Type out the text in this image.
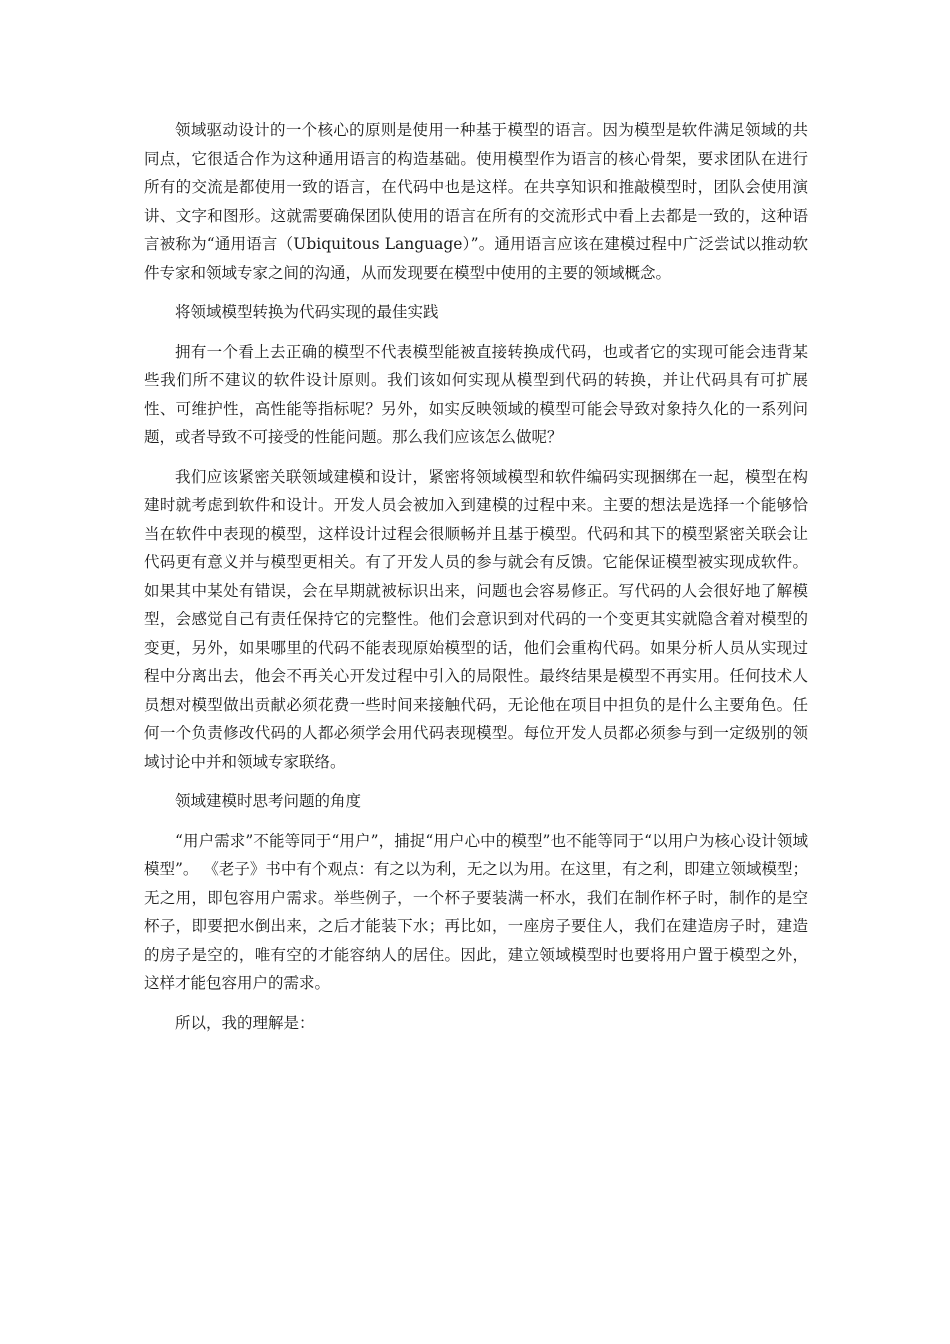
领域驱动设计的一个核心的原则是使用一种基于模型的语言。因为模型是软件满足领域的共同点，它很适合作为这种通用语言的构造基础。使用模型作为语言的核心骨架，要求团队在进行所有的交流是都使用一致的语言，在代码中也是这样。在共享知识和推敲模型时，团队会使用演讲、文字和图形。这就需要确保团队使用的语言在所有的交流形式中看上去都是一致的，这种语言被称为“通用语言（Ubiquitous Language）”。通用语言应该在建模过程中广泛尝试以推动软件专家和领域专家之间的沟通，从而发现要在模型中使用的主要的领域概念。

将领域模型转换为代码实现的最佳实践

拥有一个看上去正确的模型不代表模型能被直接转换成代码，也或者它的实现可能会违背某些我们所不建议的软件设计原则。我们该如何实现从模型到代码的转换，并让代码具有可扩展性、可维护性，高性能等指标呢？另外，如实反映领域的模型可能会导致对象持久化的一系列问题，或者导致不可接受的性能问题。那么我们应该怎么做呢？

我们应该紧密关联领域建模和设计，紧密将领域模型和软件编码实现捆绑在一起，模型在构建时就考虑到软件和设计。开发人员会被加入到建模的过程中来。主要的想法是选择一个能够恰当在软件中表现的模型，这样设计过程会很顺畅并且基于模型。代码和其下的模型紧密关联会让代码更有意义并与模型更相关。有了开发人员的参与就会有反馈。它能保证模型被实现成软件。如果其中某处有错误，会在早期就被标识出来，问题也会容易修正。写代码的人会很好地了解模型，会感觉自己有责任保持它的完整性。他们会意识到对代码的一个变更其实就隐含着对模型的变更，另外，如果哪里的代码不能表现原始模型的话，他们会重构代码。如果分析人员从实现过程中分离出去，他会不再关心开发过程中引入的局限性。最终结果是模型不再实用。任何技术人员想对模型做出贡献必须花费一些时间来接触代码，无论他在项目中担负的是什么主要角色。任何一个负责修改代码的人都必须学会用代码表现模型。每位开发人员都必须参与到一定级别的领域讨论中并和领域专家联络。

领域建模时思考问题的角度

“用户需求”不能等同于“用户”，捕捉“用户心中的模型”也不能等同于“以用户为核心设计领域模型”。 《老子》书中有个观点：有之以为利，无之以为用。在这里，有之利，即建立领域模型；无之用，即包容用户需求。举些例子，一个杯子要装满一杯水，我们在制作杯子时，制作的是空杯子，即要把水倒出来，之后才能装下水；再比如，一座房子要住人，我们在建造房子时，建造的房子是空的，唯有空的才能容纳人的居住。因此，建立领域模型时也要将用户置于模型之外，这样才能包容用户的需求。

所以，我的理解是：
